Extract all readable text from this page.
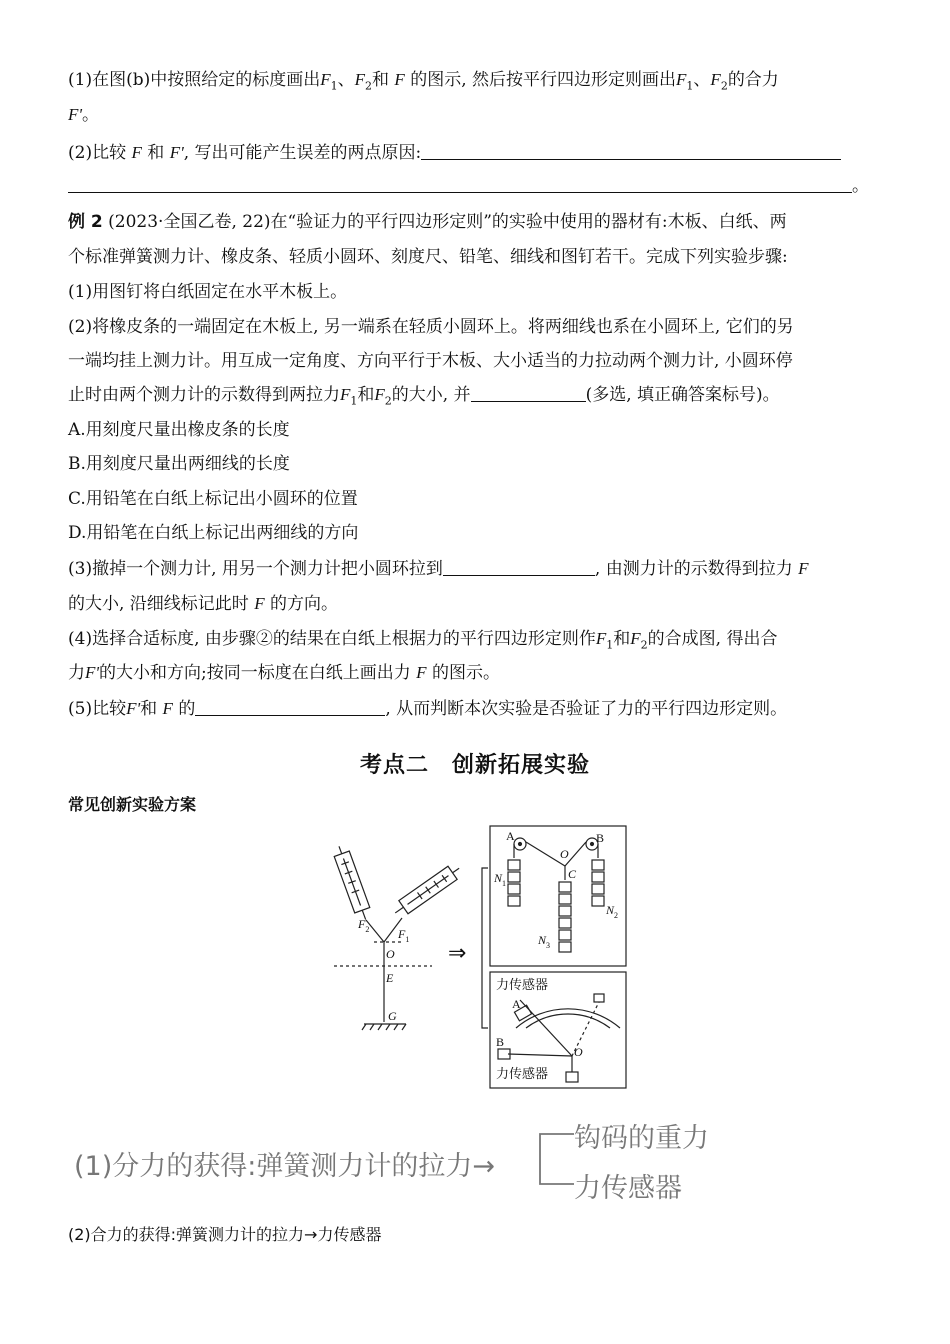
(1)在图(b)中按照给定的标度画出$F_1$、$F_2$和 F 的图示, 然后按平行四边形定则画出$F_1$、$F_2$的合力
F'。
(2)比较 F 和 F', 写出可能产生误差的两点原因:
。
例 2 (2023·全国乙卷, 22)在“验证力的平行四边形定则”的实验中使用的器材有:木板、白纸、两
个标准弹簧测力计、橡皮条、轻质小圆环、刻度尺、铅笔、细线和图钉若干。完成下列实验步骤:
(1)用图钉将白纸固定在水平木板上。
(2)将橡皮条的一端固定在木板上, 另一端系在轻质小圆环上。将两细线也系在小圆环上, 它们的另
一端均挂上测力计。用互成一定角度、方向平行于木板、大小适当的力拉动两个测力计, 小圆环停
止时由两个测力计的示数得到两拉力$F_1$和$F_2$的大小, 并	(多选, 填正确答案标号)。
A.用刻度尺量出橡皮条的长度
B.用刻度尺量出两细线的长度
C.用铅笔在白纸上标记出小圆环的位置
D.用铅笔在白纸上标记出两细线的方向
(3)撤掉一个测力计, 用另一个测力计把小圆环拉到	, 由测力计的示数得到拉力 F
的大小, 沿细线标记此时 F 的方向。
(4)选择合适标度, 由步骤②的结果在白纸上根据力的平行四边形定则作$F_1$和$F_2$的合成图, 得出合
力F'的大小和方向;按同一标度在白纸上画出力 F 的图示。
(5)比较F'和 F 的	, 从而判断本次实验是否验证了力的平行四边形定则。
考点二　创新拓展实验
常见创新实验方案
$F_2$ $F_1$
O
E
G
⇒
A	B
O
C
$N_1$
$N_2$
$N_3$
力传感器
A
B
O
力传感器
(1)分力的获得:弹簧测力计的拉力→
钩码的重力
力传感器
(2)合力的获得:弹簧测力计的拉力→力传感器
